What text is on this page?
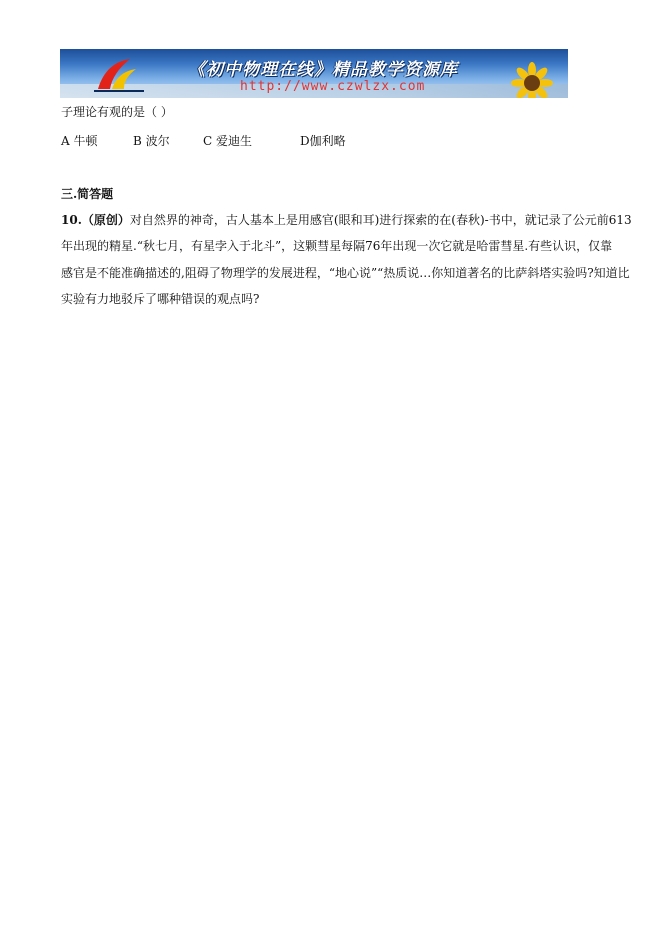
《初中物理在线》精品教学资源库
http://www.czwlzx.com
子理论有观的是（ ）
A 牛顿	B 波尔	C 爱迪生	D伽利略
三.简答题
10.（原创）对自然界的神奇，古人基本上是用感官(眼和耳)进行探索的在(春秋)-书中，就记录了公元前613
年出现的精星.“秋七月，有星孛入于北斗”，这颗彗星每隔76年出现一次它就是哈雷彗星.有些认识，仅靠
感官是不能准确描述的,阻碍了物理学的发展进程，“地心说”“热质说…你知道著名的比萨斜塔实验吗?知道比
实验有力地驳斥了哪种错误的观点吗?
